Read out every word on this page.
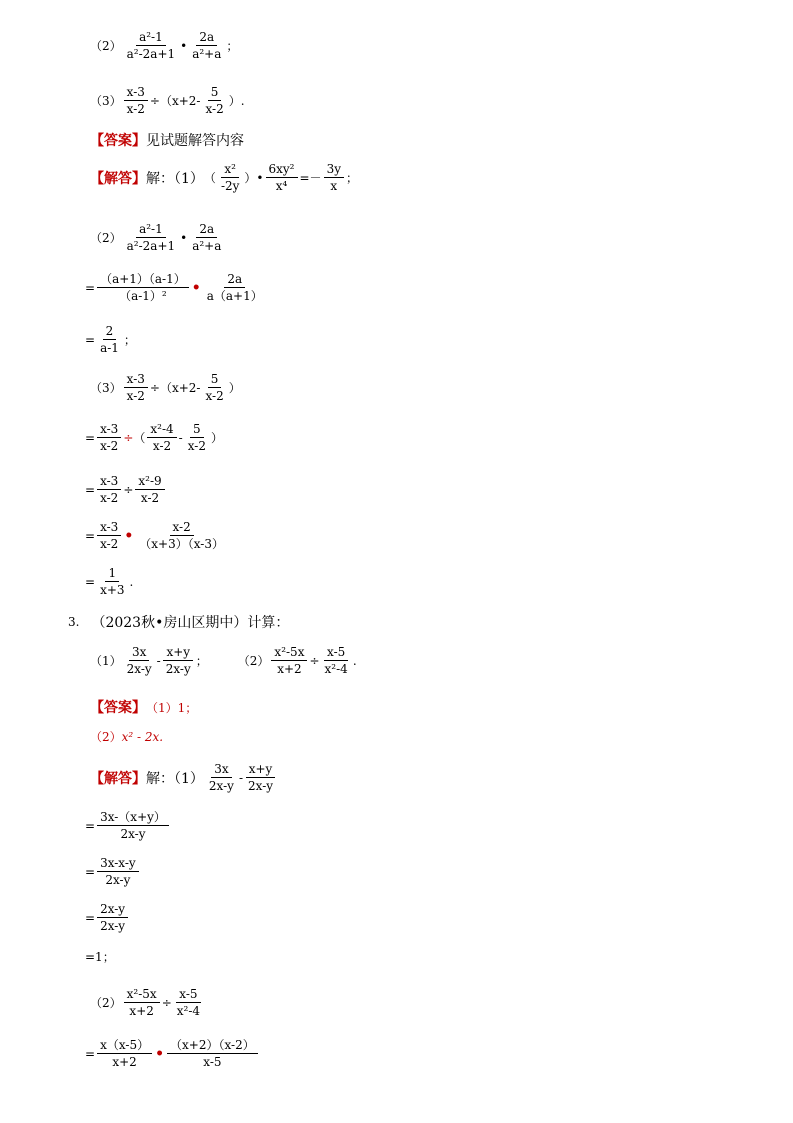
$(2) \frac{\text{a²-1}}{\text{a²-2a+1}}$ • $\frac{2a}{\text{a²+a}}$ ；
$(3) \frac{x-3}{x-2} \div (x+2- \frac{5}{x-2}$ ）.
【答案】 见试题解答内容
【解答】 解：（1） （ $\frac{\text{x²}}{-2y}$ ） • $\frac{\text{6xy²}}{\text{x⁴}} =- \frac{3y}{x}$ ；
$(2) \frac{\text{a²-1}}{\text{a²-2a+1}}$ • $\frac{2a}{\text{a²+a}}$
= $\frac{(a+1)(a-1)}{\text{（a-1）²}}$ • $\frac{2a}{a(a+1)}$
= $\frac{2}{a-1}$ ；
$(3) \frac{x-3}{x-2} \div (x+2- \frac{5}{x-2}$ ）
= $\frac{x-3}{x-2}$ ÷ （ $\frac{\text{x²-4}}{x-2} - \frac{5}{x-2}$ ）
= $\frac{x-3}{x-2} \div \frac{\text{x²-9}}{x-2}$
= $\frac{x-3}{x-2}$ • $\frac{x-2}{(x+3)(x-3)}$
= $\frac{1}{x+3}$ .
3. （2023秋•房山区期中）计算：
$(1) \frac{3x}{2x-y} - \frac{x+y}{2x-y}$ ；	$(2) \frac{\text{x²-5x}}{x+2} \div \frac{x-5}{\text{x²-4}}$ .
【答案】 （1）1；
（2） x² - 2x.
【解答】 解：$(1) \frac{3x}{2x-y} - \frac{x+y}{2x-y}$
= $\frac{3x-(x+y)}{2x-y}$
= $\frac{3x-x-y}{2x-y}$
= $\frac{2x-y}{2x-y}$
=1；
$(2) \frac{\text{x²-5x}}{x+2} \div \frac{x-5}{\text{x²-4}}$
= $\frac{x(x-5)}{x+2}$ • $\frac{(x+2)(x-2)}{x-5}$
